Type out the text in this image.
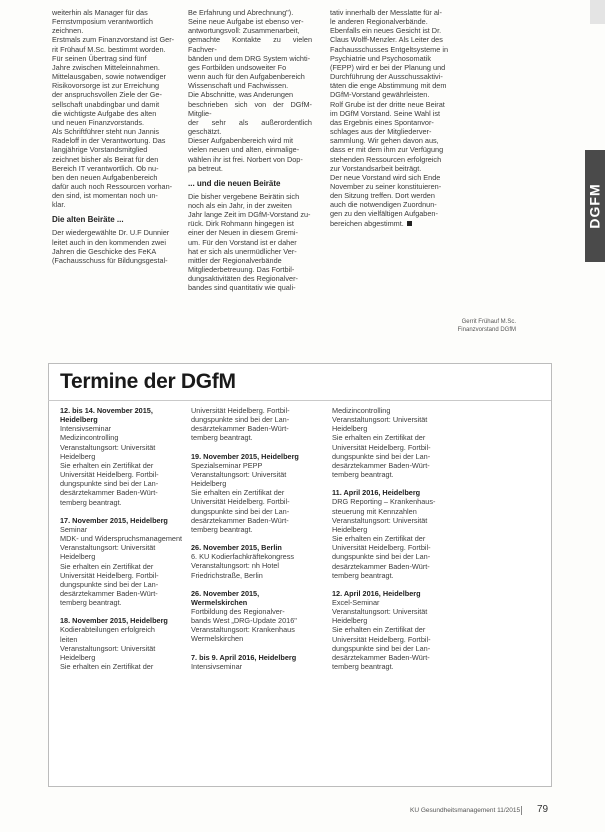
weiterhin als Manager für das
Fernstvmposium verantwortlich
zeichnen.

Erstmals zum Finanzvorstand ist Ger-
rit Frühauf M.Sc. bestimmt worden.
Für seinen Übertrag sind fünf
Jahre zwischen Mitteleinnahmen.
Mittelausgaben, sowie notwendiger
Risikovorsorge ist zur Erreichung
der anspruchsvollen Ziele der Ge-
sellschaft unabdingbar und damit
die wichtigste Aufgabe des alten
und neuen Finanzvorstands.

Als Schriftführer steht nun Jannis
Radeloff in der Verantwortung. Das
langjährige Vorstandsmitglied
zeichnet bisher als Beirat für den
Bereich IT verantwortlich. Ob nu-
ben den neuen Aufgabenbereich
dafür auch noch Ressourcen vorhan-
den sind, ist momentan noch un-
klar.

Die alten Beiräte ...

Der wiedergewählte Dr. U.F Dunnier
leitet auch in den kommenden zwei
Jahren die Geschicke des FeKA
(Fachausschuss für Bildungsgestal-

Be Erfahrung und Abrechnung").
Seine neue Aufgabe ist ebenso ver-
antwortungsvoll: Zusammenarbeit,
gemachte Kontakte zu vielen Fachver-
bänden und dem DRG System wichti-
ges Fortbilden undsoweiter Fo
wenn auch für den Aufgabenbereich
Wissenschaft und Fachwissen.

Die Abschnitte, was Anderungen
beschrieben sich von der DGfM-Mitglie-
der sehr als außerordentlich geschätzt.
Dieser Aufgabenbereich wird mit
vielen neuen und alten, einmalige-
wählen ihr ist frei. Norbert von Dop-
pa betreut.

... und die neuen Beiräte

Die bisher vergebene Beirätin sich
noch als ein Jahr, in der zweiten
Jahr lange Zeit im DGfM-Vorstand zu-
rück. Dirk Rohmann hingegen ist
einer der Neuen in diesem Gremi-
um. Für den Vorstand ist er daher
hat er sich als unermüdlicher Ver-
mittler der Regionalverbände
Mitgliederbetreuung. Das Fortbil-
dungsaktivitäten des Regionalver-
bandes sind quantitativ wie quali-

tativ innerhalb der Messlatte für al-
le anderen Regionalverbände.

Ebenfalls ein neues Gesicht ist Dr.
Claus Wolff-Menzler. Als Leiter des
Fachausschusses Entgeltsysteme in
Psychiatrie und Psychosomatik
(FEPP) wird er bei der Planung und
Durchführung der Ausschussaktivi-
täten die enge Abstimmung mit dem
DGfM-Vorstand gewährleisten.

Rolf Grube ist der dritte neue Beirat
im DGfM Vorstand. Seine Wahl ist
das Ergebnis eines Spontanvor-
schlages aus der Mitgliederver-
sammlung. Wir gehen davon aus,
dass er mit dem ihm zur Verfügung
stehenden Ressourcen erfolgreich
zur Vorstandsarbeit beiträgt.

Der neue Vorstand wird sich Ende
November zu seiner konstituieren-
den Sitzung treffen. Dort werden
auch die notwendigen Zuordnun-
gen zu den vielfältigen Aufgaben-
bereichen abgestimmt.	DGFM
Gerrit Frühauf M.Sc.
Finanzvorstand DGfM
Termine der DGfM
12. bis 14. November 2015,
Heidelberg
Intensivseminar
Medizincontrolling
Veranstaltungsort: Universität
Heidelberg
Sie erhalten ein Zertifikat der
Universität Heidelberg. Fortbil-
dungspunkte sind bei der Lan-
desärztekammer Baden-Würt-
temberg beantragt.
17. November 2015, Heidelberg
Seminar
MDK- und Widerspruchsmanagement
Veranstaltungsort: Universität
Heidelberg
Sie erhalten ein Zertifikat der
Universität Heidelberg. Fortbil-
dungspunkte sind bei der Lan-
desärztekammer Baden-Würt-
temberg beantragt.
18. November 2015, Heidelberg
Kodierabteilungen erfolgreich
leiten
Veranstaltungsort: Universität
Heidelberg
Sie erhalten ein Zertifikat der
Universität Heidelberg. Fortbil-
dungspunkte sind bei der Lan-
desärztekammer Baden-Würt-
temberg beantragt.
19. November 2015, Heidelberg
Spezialseminar PEPP
Veranstaltungsort: Universität
Heidelberg
Sie erhalten ein Zertifikat der
Universität Heidelberg. Fortbil-
dungspunkte sind bei der Lan-
desärztekammer Baden-Würt-
temberg beantragt.
26. November 2015, Berlin
6. KU Kodierfachkräftekongress
Veranstaltungsort: nh Hotel
Friedrichstraße, Berlin
26. November 2015,
Wermelskirchen
Fortbildung des Regionalver-
bands West „DRG-Update 2016"
Veranstaltungsort: Krankenhaus
Wermelskirchen
7. bis 9. April 2016, Heidelberg
Intensivseminar
Medizincontrolling
Veranstaltungsort: Universität
Heidelberg
Sie erhalten ein Zertifikat der
Universität Heidelberg. Fortbil-
dungspunkte sind bei der Lan-
desärztekammer Baden-Würt-
temberg beantragt.
11. April 2016, Heidelberg
DRG Reporting – Krankenhaus-
steuerung mit Kennzahlen
Veranstaltungsort: Universität
Heidelberg
Sie erhalten ein Zertifikat der
Universität Heidelberg. Fortbil-
dungspunkte sind bei der Lan-
desärztekammer Baden-Würt-
temberg beantragt.
12. April 2016, Heidelberg
Excel-Seminar
Veranstaltungsort: Universität
Heidelberg
Sie erhalten ein Zertifikat der
Universität Heidelberg. Fortbil-
dungspunkte sind bei der Lan-
desärztekammer Baden-Würt-
temberg beantragt.
KU Gesundheitsmanagement 11/2015 79
